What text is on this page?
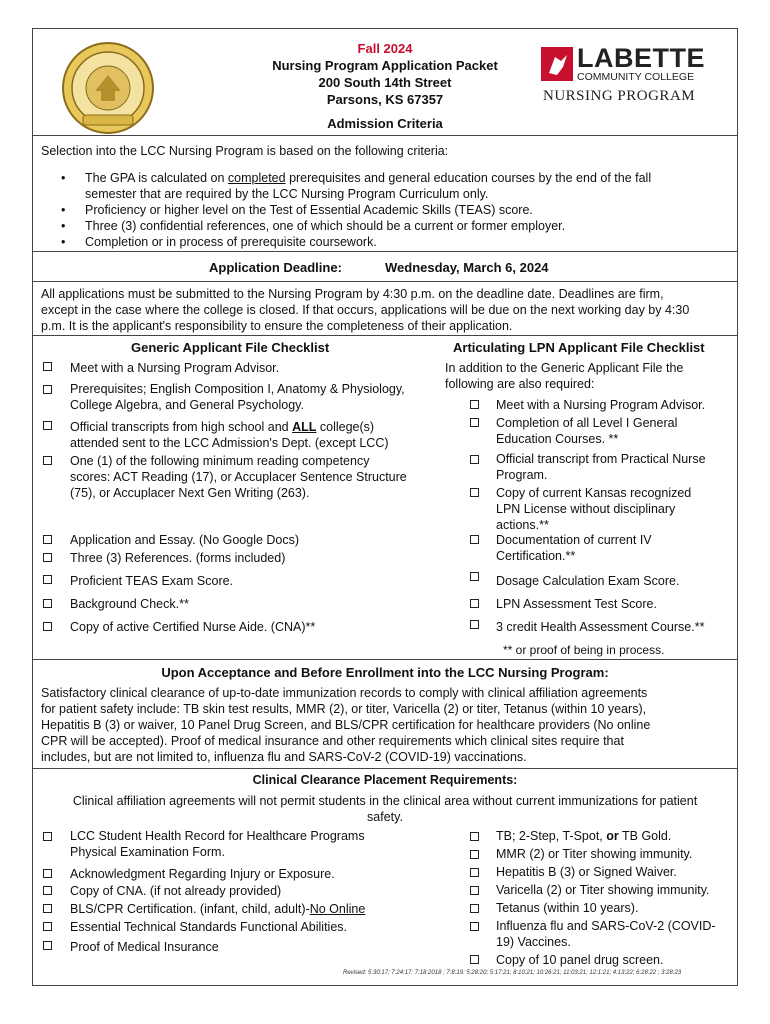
Fall 2024
Nursing Program Application Packet
200 South 14th Street
Parsons, KS 67357
LABETTE
COMMUNITY COLLEGE
NURSING PROGRAM
Admission Criteria
Selection into the LCC Nursing Program is based on the following criteria:
• The GPA is calculated on completed prerequisites and general education courses by the end of the fall
semester that are required by the LCC Nursing Program Curriculum only.
• Proficiency or higher level on the Test of Essential Academic Skills (TEAS) score.
• Three (3) confidential references, one of which should be a current or former employer.
• Completion or in process of prerequisite coursework.
Application Deadline:	Wednesday, March 6, 2024
All applications must be submitted to the Nursing Program by 4:30 p.m. on the deadline date. Deadlines are firm,
except in the case where the college is closed. If that occurs, applications will be due on the next working day by 4:30
p.m. It is the applicant's responsibility to ensure the completeness of their application.
Generic Applicant File Checklist
Meet with a Nursing Program Advisor.
Prerequisites; English Composition I, Anatomy & Physiology,
College Algebra, and General Psychology.
Official transcripts from high school and ALL college(s)
attended sent to the LCC Admission's Dept. (except LCC)
One (1) of the following minimum reading competency
scores: ACT Reading (17), or Accuplacer Sentence Structure
(75), or Accuplacer Next Gen Writing (263).
Application and Essay. (No Google Docs)
Three (3) References. (forms included)
Proficient TEAS Exam Score.
Background Check.**
Copy of active Certified Nurse Aide. (CNA)**
Articulating LPN Applicant File Checklist
In addition to the Generic Applicant File the
following are also required:
Meet with a Nursing Program Advisor.
Completion of all Level I General
Education Courses. **
Official transcript from Practical Nurse
Program.
Copy of current Kansas recognized
LPN License without disciplinary
actions.**
Documentation of current IV
Certification.**
Dosage Calculation Exam Score.
LPN Assessment Test Score.
3 credit Health Assessment Course.**
** or proof of being in process.
Upon Acceptance and Before Enrollment into the LCC Nursing Program:
Satisfactory clinical clearance of up-to-date immunization records to comply with clinical affiliation agreements
for patient safety include: TB skin test results, MMR (2), or titer, Varicella (2) or titer, Tetanus (within 10 years),
Hepatitis B (3) or waiver, 10 Panel Drug Screen, and BLS/CPR certification for healthcare providers (No online
CPR will be accepted). Proof of medical insurance and other requirements which clinical sites require that
includes, but are not limited to, influenza flu and SARS-CoV-2 (COVID-19) vaccinations.
Clinical Clearance Placement Requirements:
Clinical affiliation agreements will not permit students in the clinical area without current immunizations for patient
safety.
LCC Student Health Record for Healthcare Programs
Physical Examination Form.
Acknowledgment Regarding Injury or Exposure.
Copy of CNA. (if not already provided)
BLS/CPR Certification. (infant, child, adult)-No Online
Essential Technical Standards Functional Abilities.
Proof of Medical Insurance
TB; 2-Step, T-Spot, or TB Gold.
MMR (2) or Titer showing immunity.
Hepatitis B (3) or Signed Waiver.
Varicella (2) or Titer showing immunity.
Tetanus (within 10 years).
Influenza flu and SARS-CoV-2 (COVID-
19) Vaccines.
Copy of 10 panel drug screen.
Revised: 5:30:17; 7:24:17; 7:18:2018 ; 7:8:19: 5:28:20; 5:17:21; 8:10:21; 10:26:21; 11:03:21; 12:1:21; 4:13:22; 6:28:22 ; 3:28:23
